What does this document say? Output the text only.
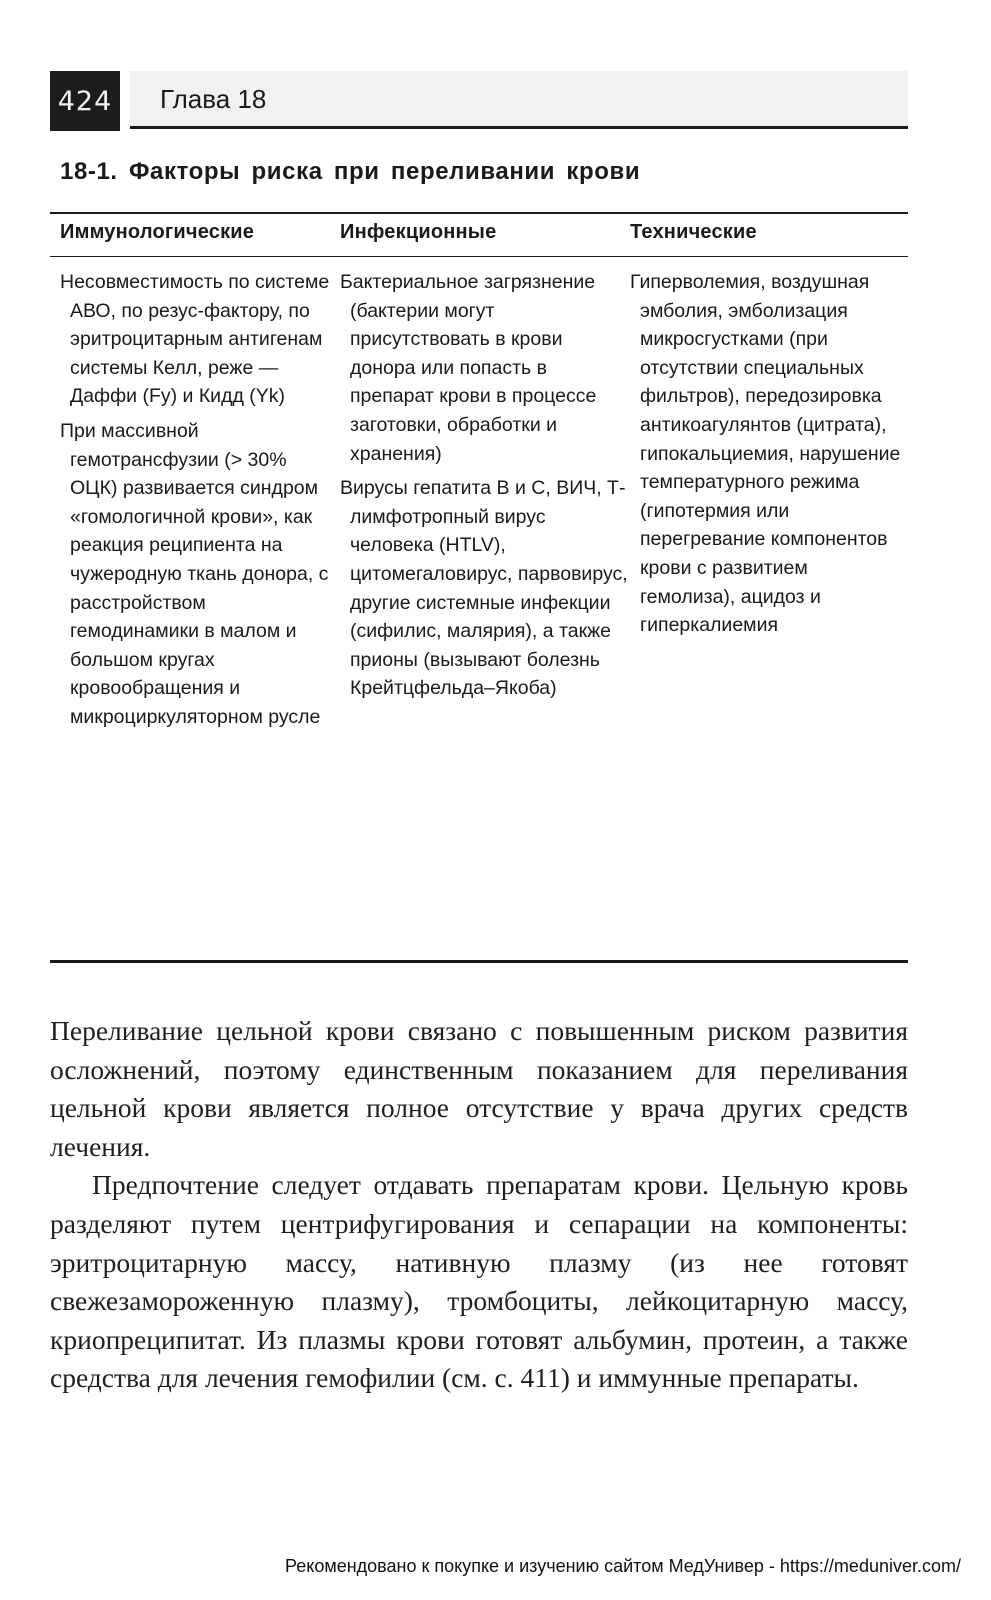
424 Глава 18
18-1. Факторы риска при переливании крови
Иммунологические	Инфекционные	Технические

Несовместимость по системе АВО, по резус-фактору, по эритроцитарным антигенам системы Келл, реже — Даффи (Fy) и Кидд (Yk)

При массивной гемотрансфузии (> 30% ОЦК) развивается синдром «гомологичной крови», как реакция реципиента на чужеродную ткань донора, с расстройством гемодинамики в малом и большом кругах кровообращения и микроциркуляторном русле

Бактериальное загрязнение (бактерии могут присутствовать в крови донора или попасть в препарат крови в процессе заготовки, обработки и хранения)

Вирусы гепатита В и С, ВИЧ, Т-лимфотропный вирус человека (HTLV), цитомегаловирус, парвовирус, другие системные инфекции (сифилис, малярия), а также прионы (вызывают болезнь Крейтцфельда–Якоба)

Гиперволемия, воздушная эмболия, эмболизация микросгустками (при отсутствии специальных фильтров), передозировка антикоагулянтов (цитрата), гипокальциемия, нарушение температурного режима (гипотермия или перегревание компонентов крови с развитием гемолиза), ацидоз и гиперкалиемия

Переливание цельной крови связано с повышенным риском развития осложнений, поэтому единственным показанием для переливания цельной крови является полное отсутствие у врача других средств лечения.

Предпочтение следует отдавать препаратам крови. Цельную кровь разделяют путем центрифугирования и сепарации на компоненты: эритроцитарную массу, нативную плазму (из нее готовят свежезамороженную плазму), тромбоциты, лейкоцитарную массу, криопреципитат. Из плазмы крови готовят альбумин, протеин, а также средства для лечения гемофилии (см. с. 411) и иммунные препараты.

Рекомендовано к покупке и изучению сайтом МедУнивер - https://meduniver.com/
